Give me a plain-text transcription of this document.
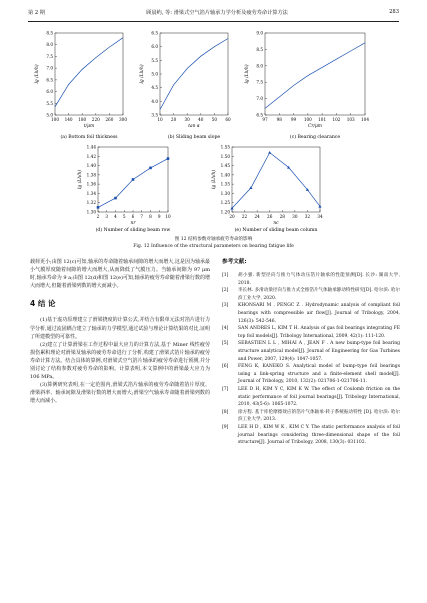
第 2 期	顾晨屿, 等: 滑梁式空气箔片轴承力学分析及疲劳寿命计算方法	283
8.5
8.0
7.5
7.0
6.5
6.0
5.5
5.0
100 140 180 220 260 300
t/μm
lg (Lh/h)
(a) Bottom foil thickness
6.5
6.0
5.5
5.0
4.5
4.0
3.5
10 20 30 40 50 60
tan α
lg (Lh/h)
(b) Sliding beam slope
9.0
8.5
8.0
7.5
7.0
6.5
97 98 99 100 101 102 103 104
Cr/μm
lg (Lh/h)
(c) Bearing clearance
1.44
1.42
1.40
1.38
1.36
1.34
1.32
1.30
2 3 4 5 6 7 8 9 10
nr
lg (Lh/h)
(d) Number of sliding beam row
1.55
1.50
1.45
1.40
1.35
1.30
1.25
1.20
20 22 24 26 28 30 32 34
nc
lg (Lh/h)
(e) Number of sliding beam column
图 12 结构参数对轴承疲劳寿命的影响
Fig. 12 Influence of the structural parameters on bearing fatigue life

载荷更小;由图 12(c)可知,轴承的寿命随着轴承间隙的增大而增大,这是因为轴承最小气膜厚度随着间隙的增大而增大,从而降低了气膜压力。当轴承间隙为 97 μm 时,轴承寿命为 9 a;由图 12(d)和图 12(e)可知,轴承的疲劳寿命随着滑梁行数的增大而增大,但随着滑梁列数的增大而减小。

4 结 论

(1)基于虚功原理建立了滑梁挠度的计算公式,并结合有限单元法对箔片进行力学分析,通过流固耦合建立了轴承的力学模型,通过试验与理论计算结果的对比,证明了所建模型的可靠性。

(2)建立了计算滑梁在工作过程中最大应力的计算方法,基于 Miner 线性疲劳损伤累积理论对滑梁及轴承的疲劳寿命进行了分析,构建了滑梁式箔片轴承的疲劳寿命计算方法。结合具体的算例,对滑梁式空气箔片轴承的疲劳寿命进行预测,并分别讨论了结构参数对疲劳寿命的影响。计算表明,本文算例中的滑梁最大应力为 106 MPa。

(3)算例研究表明,在一定范围内,滑梁式箔片轴承的疲劳寿命随着箔片厚度、滑梁斜率、轴承间隙及滑梁行数的增大而增大;滑梁空气轴承寿命随着滑梁列数的增大而减小。

参考文献:
[1]	胡小强. 新型径向与推力气体动压箔片轴承的性能预测[D]. 长沙: 湖南大学, 2018.
[2]	李长林. 多滑动梁径向与推力式全推箔片气体轴承静动特性研究[D]. 哈尔滨: 哈尔滨工业大学, 2020.
[3]	KHONSARI M , PENGC Z . Hydrodynamic analysis of compliant foil bearings with compressible air flow[J]. Journal of Tribology, 2004, 126(3): 542-546.
[4]	SAN ANDRES L, KIM T H. Analysis of gas foil bearings integrating FE top foil models[J]. Tribology International, 2009, 42(1): 111-120.
[5]	SEBASTIEN L L , MIHAI A , JEAN F . A new bump-type foil bearing structure analytical model[J]. Journal of Engineering for Gas Turbines and Power, 2007, 129(4): 1047-1057.
[6]	FENG K, KANEKO S. Analytical model of bump-type foil bearings using a link-spring structure and a finite-element shell model[J]. Journal of Tribology, 2010, 132(2): 021706-1-021706-11.
[7]	LEE D H, KIM Y C, KIM K W. The effect of Coulomb friction on the static performance of foil journal bearings[J]. Tribology International, 2010, 43(5-6): 1065-1072.
[8]	徐方程. 基于库伦摩擦效应的箔片气体轴承-转子系统振动特性 [D]. 哈尔滨: 哈尔滨工业大学, 2013.
[9]	LEE H D , KIM W K , KIM C Y. The static performance analysis of foil journal bearings considering three-dimensional shape of the foil structure[J]. Journal of Tribology, 2008, 130(3): 031102.
